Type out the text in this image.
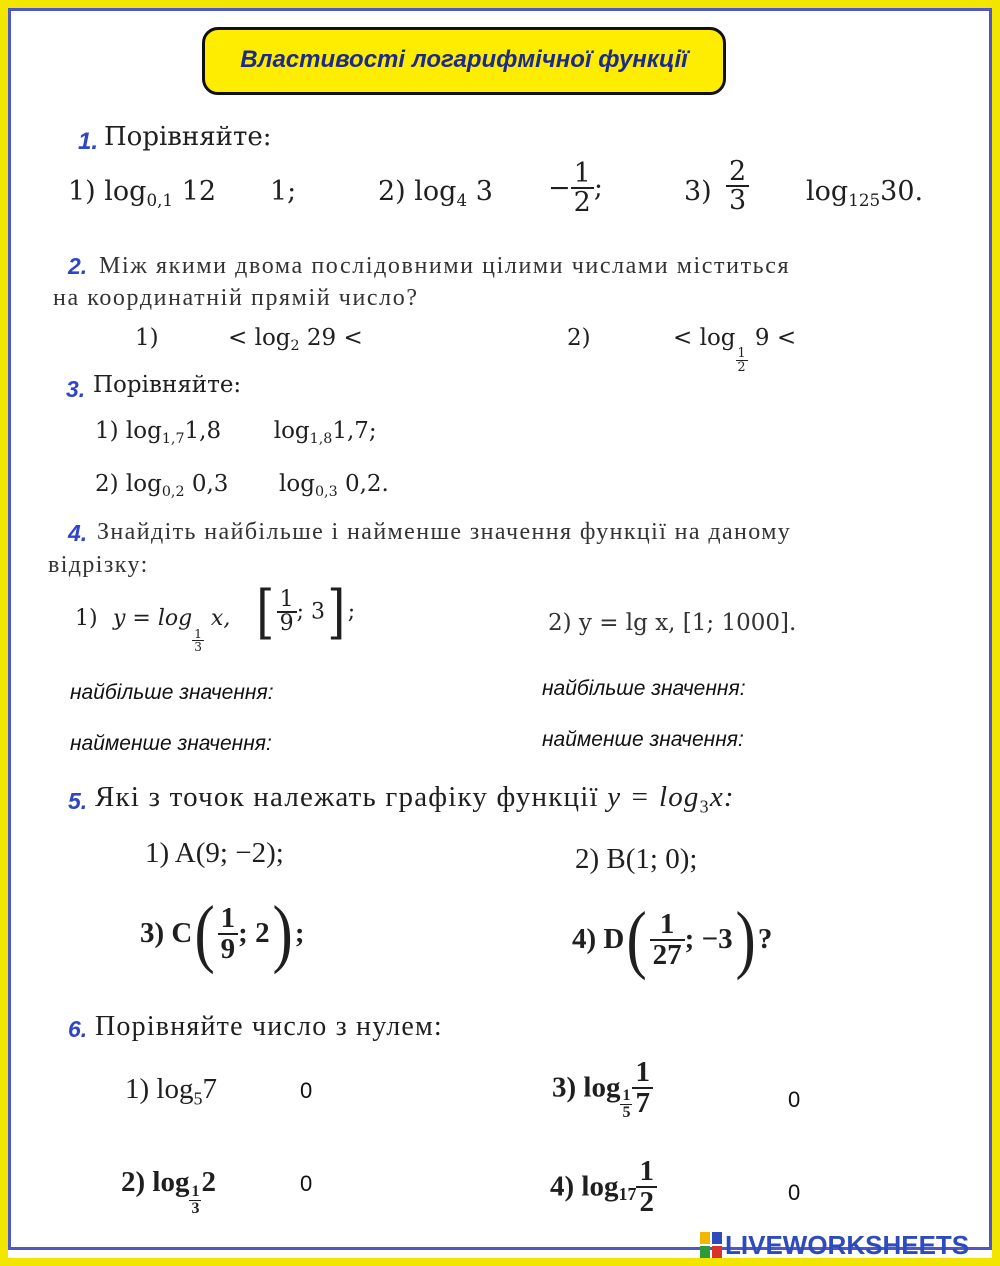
Властивості логарифмічної функції
1. Порівняйте:
1) $\log_{0,1} 12$ 1;	2) $\log_4 3 - \frac{1}{2}$ ;	$3) \frac{2}{3} \log_{125}30$.
2. Між якими двома послідовними цілими числами міститься
на координатній прямій число?
1)	< $\log_2 29$ <	2)	< log
$\frac{1}{2}$
9 <
3. Порівняйте:
1) $\log_{1,7}1,8$ $\log_{1,8}1,7$;
2) $\log_{0,2} 0,3$ $\log_{0,3} 0,2$.
4. Знайдіть найбільше і найменше значення функції на даному
відрізку:
1) y = log
$\frac{1}{3}$
x, [ $\frac{1}{9}$ ; 3] ;	2) y = lg x, [1; 1000].
найбільше значення:	найбільше значення:
найменше значення:	найменше значення:
5. Які з точок належать графіку функції $y = \log_3x$:
1) A(9; −2);	2) B(1; 0);
3) $C( \frac{1}{9}$ ; 2);	4) $D( \frac{1}{27}$ ; −3)?
6. Порівняйте число з нулем:
1) $\log_57$	0	3) log
$\frac{1}{5} \frac{1}{7}$	0
2) log
$\frac{1}{3}$
2	0	4) $\log_{17} \frac{1}{2}$	0
LIVEWORKSHEETS
